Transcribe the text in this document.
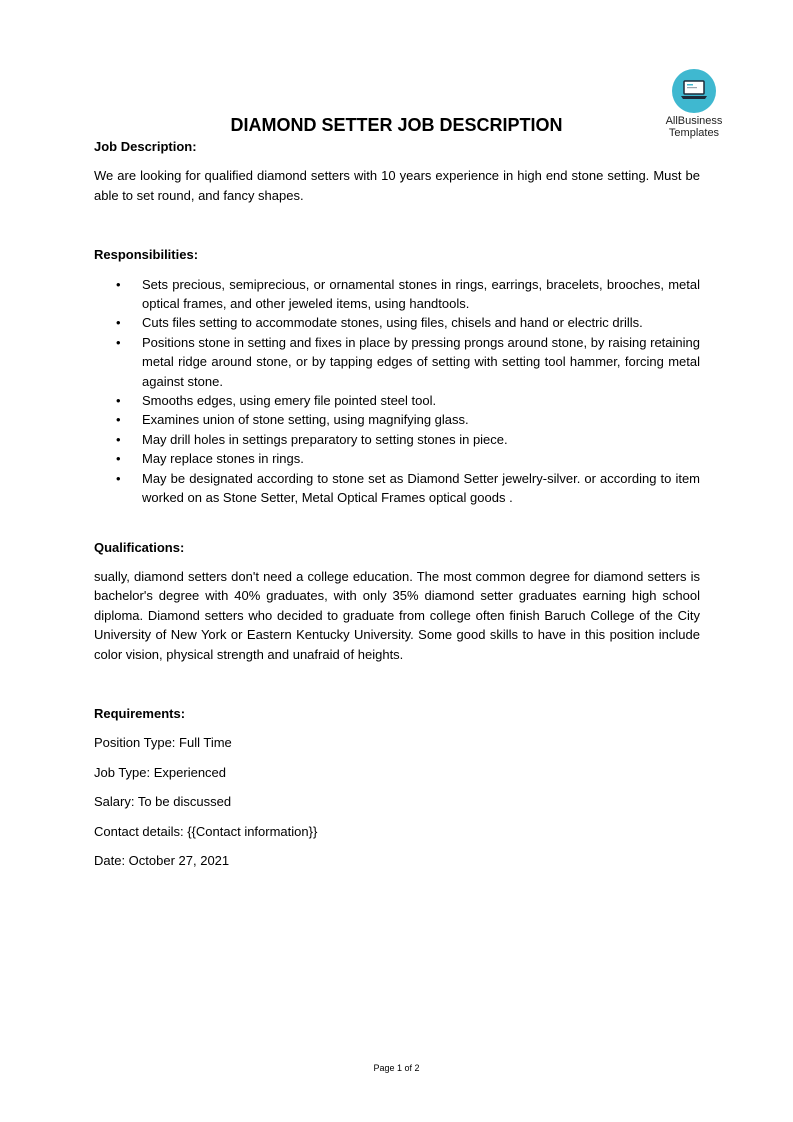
AllBusiness
Templates
DIAMOND SETTER JOB DESCRIPTION

Job Description:

We are looking for qualified diamond setters with 10 years experience in high end stone setting. Must be able to set round, and fancy shapes.

Responsibilities:

• Sets precious, semiprecious, or ornamental stones in rings, earrings, bracelets, brooches, metal optical frames, and other jeweled items, using handtools.
• Cuts files setting to accommodate stones, using files, chisels and hand or electric drills.
• Positions stone in setting and fixes in place by pressing prongs around stone, by raising retaining metal ridge around stone, or by tapping edges of setting with setting tool hammer, forcing metal against stone.
• Smooths edges, using emery file pointed steel tool.
• Examines union of stone setting, using magnifying glass.
• May drill holes in settings preparatory to setting stones in piece.
• May replace stones in rings.
• May be designated according to stone set as Diamond Setter jewelry-silver. or according to item worked on as Stone Setter, Metal Optical Frames optical goods .

Qualifications:

sually, diamond setters don't need a college education. The most common degree for diamond setters is bachelor's degree with 40% graduates, with only 35% diamond setter graduates earning high school diploma. Diamond setters who decided to graduate from college often finish Baruch College of the City University of New York or Eastern Kentucky University. Some good skills to have in this position include color vision, physical strength and unafraid of heights.

Requirements:

Position Type: Full Time

Job Type: Experienced

Salary: To be discussed

Contact details: {{Contact information}}

Date: October 27, 2021

Page 1 of 2
